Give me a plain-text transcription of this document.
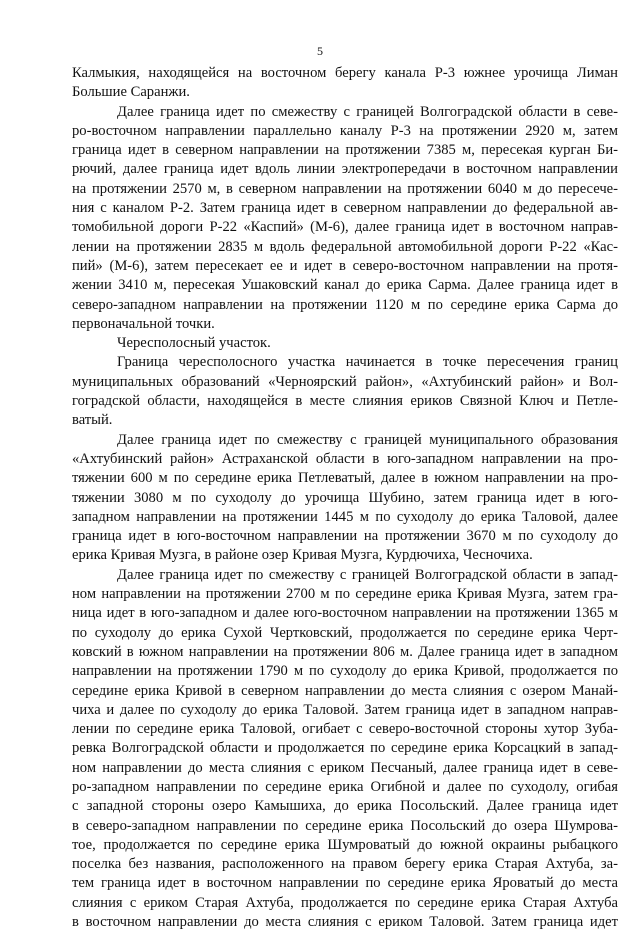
5
Калмыкия, находящейся на восточном берегу канала Р-3 южнее урочища Лиман
Большие Саранжи.
Далее граница идет по смежеству с границей Волгоградской области в севе-
ро-восточном направлении параллельно каналу Р-3 на протяжении 2920 м, затем
граница идет в северном направлении на протяжении 7385 м, пересекая курган Би-
рючий, далее граница идет вдоль линии электропередачи в восточном направлении
на протяжении 2570 м, в северном направлении на протяжении 6040 м до пересече-
ния с каналом Р-2. Затем граница идет в северном направлении до федеральной ав-
томобильной дороги Р-22 «Каспий» (М-6), далее граница идет в восточном направ-
лении на протяжении 2835 м вдоль федеральной автомобильной дороги Р-22 «Кас-
пий» (М-6), затем пересекает ее и идет в северо-восточном направлении на протя-
жении 3410 м, пересекая Ушаковский канал до ерика Сарма. Далее граница идет в
северо-западном направлении на протяжении 1120 м по середине ерика Сарма до
первоначальной точки.
Чересполосный участок.
Граница чересполосного участка начинается в точке пересечения границ
муниципальных образований «Черноярский район», «Ахтубинский район» и Вол-
гоградской области, находящейся в месте слияния ериков Связной Ключ и Петле-
ватый.
Далее граница идет по смежеству с границей муниципального образования
«Ахтубинский район» Астраханской области в юго-западном направлении на про-
тяжении 600 м по середине ерика Петлеватый, далее в южном направлении на про-
тяжении 3080 м по суходолу до урочища Шубино, затем граница идет в юго-
западном направлении на протяжении 1445 м по суходолу до ерика Таловой, далее
граница идет в юго-восточном направлении на протяжении 3670 м по суходолу до
ерика Кривая Музга, в районе озер Кривая Музга, Курдючиха, Чесночиха.
Далее граница идет по смежеству с границей Волгоградской области в запад-
ном направлении на протяжении 2700 м по середине ерика Кривая Музга, затем гра-
ница идет в юго-западном и далее юго-восточном направлении на протяжении 1365 м
по суходолу до ерика Сухой Чертковский, продолжается по середине ерика Черт-
ковский в южном направлении на протяжении 806 м. Далее граница идет в западном
направлении на протяжении 1790 м по суходолу до ерика Кривой, продолжается по
середине ерика Кривой в северном направлении до места слияния с озером Манай-
чиха и далее по суходолу до ерика Таловой. Затем граница идет в западном направ-
лении по середине ерика Таловой, огибает с северо-восточной стороны хутор Зуба-
ревка Волгоградской области и продолжается по середине ерика Корсацкий в запад-
ном направлении до места слияния с ериком Песчаный, далее граница идет в севе-
ро-западном направлении по середине ерика Огибной и далее по суходолу, огибая
с западной стороны озеро Камышиха, до ерика Посольский. Далее граница идет
в северо-западном направлении по середине ерика Посольский до озера Шумрова-
тое, продолжается по середине ерика Шумроватый до южной окраины рыбацкого
поселка без названия, расположенного на правом берегу ерика Старая Ахтуба, за-
тем граница идет в восточном направлении по середине ерика Яроватый до места
слияния с ериком Старая Ахтуба, продолжается по середине ерика Старая Ахтуба
в восточном направлении до места слияния с ериком Таловой. Затем граница идет
